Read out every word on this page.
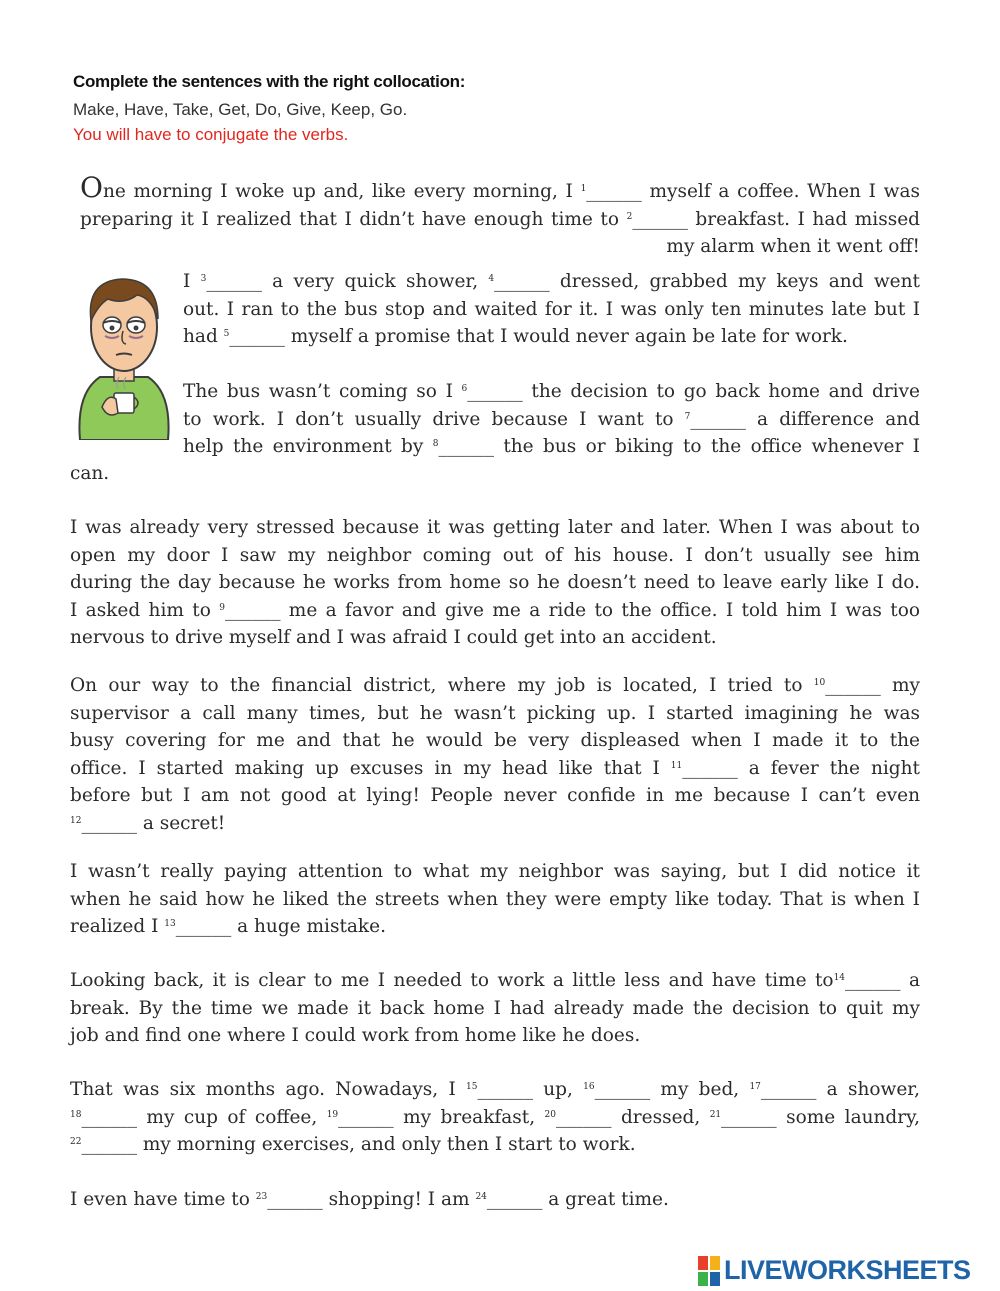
Complete the sentences with the right collocation:
Make, Have, Take, Get, Do, Give, Keep, Go.
You will have to conjugate the verbs.
One morning I woke up and, like every morning, I $^1$______ myself a coffee. When I was
preparing it I realized that I didn’t have enough time to $^2$______ breakfast. I had missed
my alarm when it went off!
I $^3$______ a very quick shower, $^4$______ dressed, grabbed my keys and went
out. I ran to the bus stop and waited for it. I was only ten minutes late but I
had $^5$______ myself a promise that I would never again be late for work.
The bus wasn’t coming so I $^6$______ the decision to go back home and drive
to work. I don’t usually drive because I want to $^7$______ a difference and
help the environment by $^8$______ the bus or biking to the office whenever I
can.
I was already very stressed because it was getting later and later. When I was about to
open my door I saw my neighbor coming out of his house. I don’t usually see him
during the day because he works from home so he doesn’t need to leave early like I do.
I asked him to $^9$______ me a favor and give me a ride to the office. I told him I was too
nervous to drive myself and I was afraid I could get into an accident.
On our way to the financial district, where my job is located, I tried to $^{10}$______ my
supervisor a call many times, but he wasn’t picking up. I started imagining he was
busy covering for me and that he would be very displeased when I made it to the
office. I started making up excuses in my head like that I $^{11}$______ a fever the night
before but I am not good at lying! People never confide in me because I can’t even
$^{12}$______ a secret!
I wasn’t really paying attention to what my neighbor was saying, but I did notice it
when he said how he liked the streets when they were empty like today. That is when I
realized I $^{13}$______ a huge mistake.
Looking back, it is clear to me I needed to work a little less and have time $to^{14}\_\_\_\_\_\_$ a
break. By the time we made it back home I had already made the decision to quit my
job and find one where I could work from home like he does.
That was six months ago. Nowadays, I $^{15}$______ up, $^{16}$______ my bed, $^{17}$______ a shower,
$^{18}$______ my cup of coffee, $^{19}$______ my breakfast, $^{20}$______ dressed, $^{21}$______ some laundry,
$^{22}$______ my morning exercises, and only then I start to work.
I even have time to $^{23}$______ shopping! I am $^{24}$______ a great time.
LIVEWORKSHEETS
